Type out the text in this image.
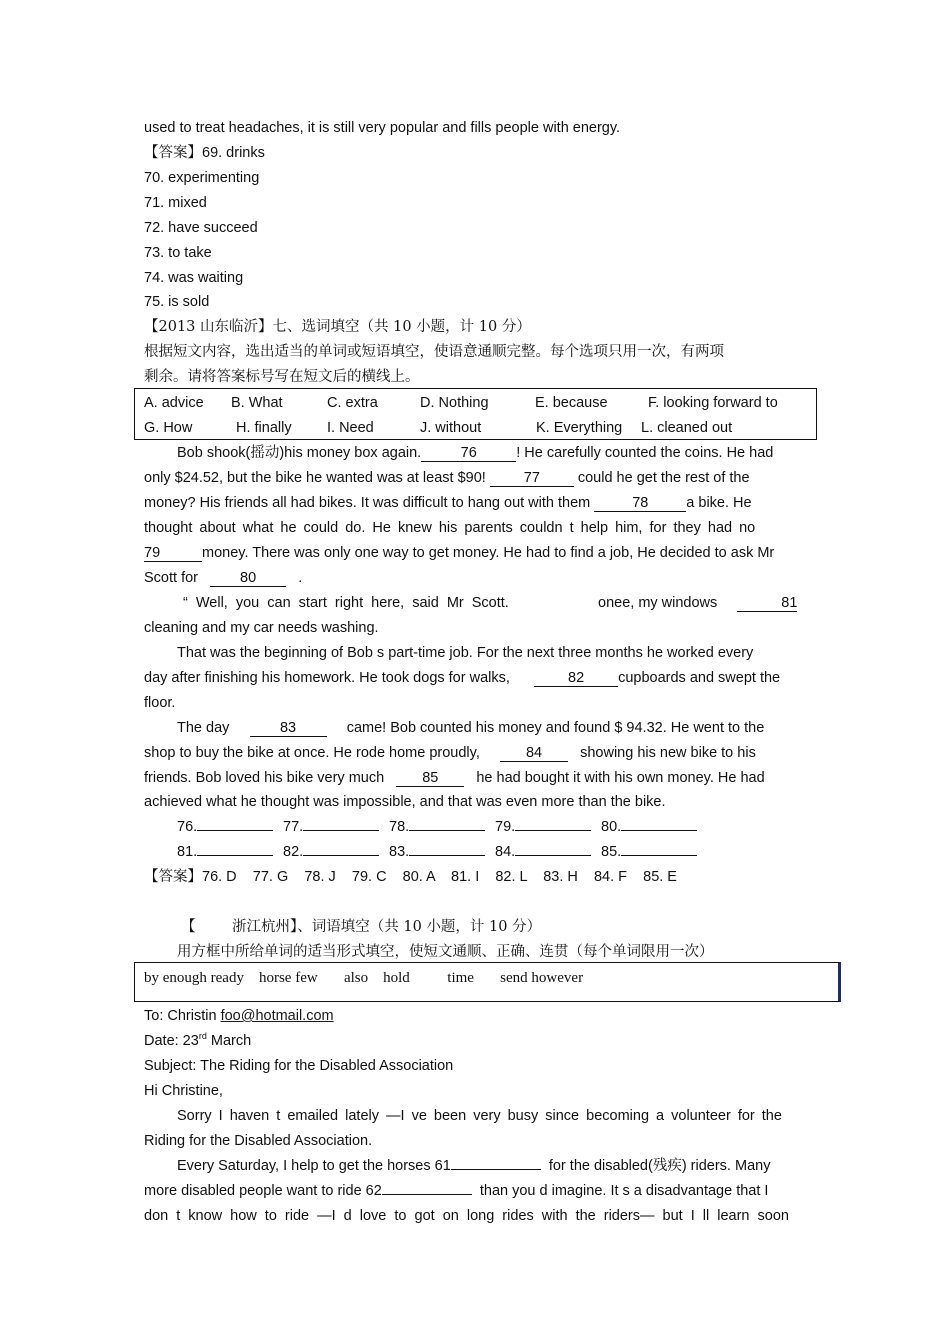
used to treat headaches, it is still very popular and fills people with energy.
【答案】69. drinks
70. experimenting
71. mixed
72. have succeed
73. to take
74. was waiting
75. is sold
【2013 山东临沂】七、选词填空（共 10 小题，计 10 分）
根据短文内容，选出适当的单词或短语填空，使语意通顺完整。每个选项只用一次，有两项
剩余。请将答案标号写在短文后的横线上。
A. advice B. What	C. extra	D. Nothing	E. because	F. looking forward to
G. How	H. finally I. Need	J. without	K. Everything L. cleaned out
Bob shook(摇动)his money box again.	76	! He carefully counted the coins. He had
only $24.52, but the bike he wanted was at least $90!	77	could he get the rest of the
money? His friends all had bikes. It was difficult to hang out with them	78	a bike. He
thought about what he could do. He knew his parents couldn t help him, for they had no
79	money. There was only one way to get money. He had to find a job, He decided to ask Mr
Scott for	80	.
“ Well, you can start right here, said Mr Scott.	onee, my windows	81
cleaning and my car needs washing.
That was the beginning of Bob s part-time job. For the next three months he worked every
day after finishing his homework. He took dogs for walks,	82 cupboards and swept the
floor.
The day	83	came! Bob counted his money and found $ 94.32. He went to the
shop to buy the bike at once. He rode home proudly,	84	showing his new bike to his
friends. Bob loved his bike very much	85	he had bought it with his own money. He had
achieved what he thought was impossible, and that was even more than the bike.
76.	77.	78.	79.	80.
81.	82.	83.	84.	85.
【答案】76. D    77. G    78. J    79. C    80. A    81. I    82. L    83. H    84. F    85. E
【	浙江杭州】、词语填空（共 10 小题，计 10 分）
用方框中所给单词的适当形式填空，使短文通顺、正确、连贯（每个单词限用一次）
by enough ready    horse few       also    hold          time       send however
To: Christin foo@hotmail.com
Date: 23rd March
Subject: The Riding for the Disabled Association
Hi Christine,
Sorry I haven t emailed lately —I ve been very busy since becoming a volunteer for the
Riding for the Disabled Association.
Every Saturday, I help to get the horses 61	for the disabled(残疾) riders. Many
more disabled people want to ride 62	than you d imagine. It s a disadvantage that I
don t know how to ride —I d love to got on long rides with the riders— but I ll learn soon
